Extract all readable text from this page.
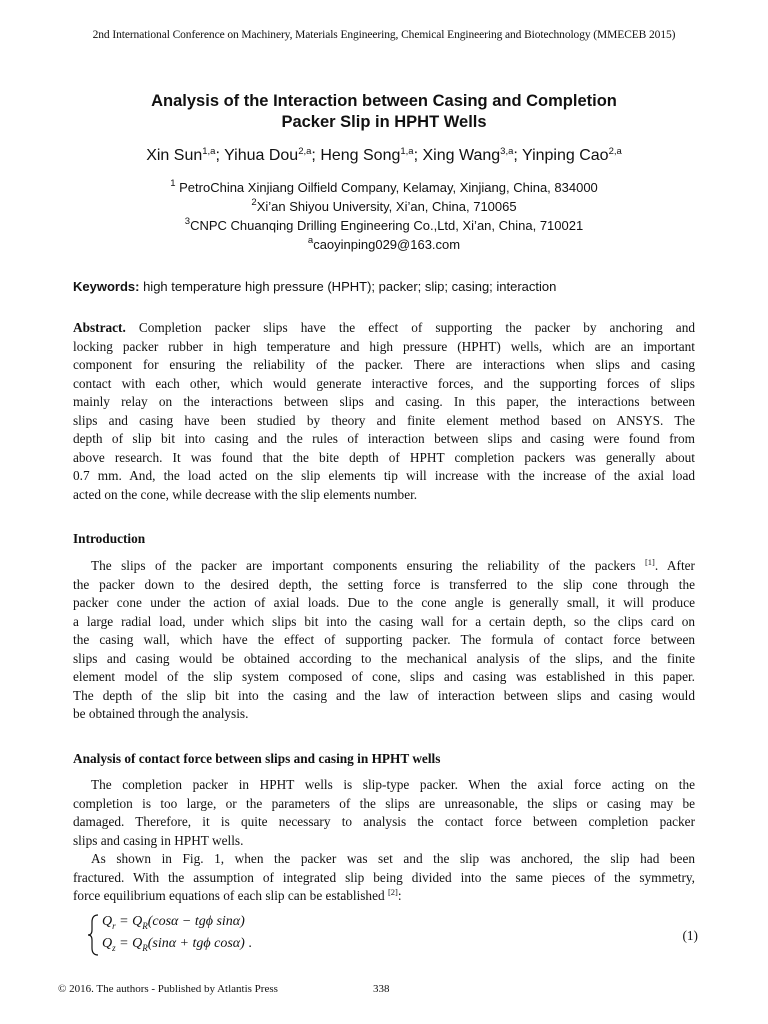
2nd International Conference on Machinery, Materials Engineering, Chemical Engineering and Biotechnology (MMECEB 2015)
Analysis of the Interaction between Casing and Completion
Packer Slip in HPHT Wells
Xin Sun$^{1,a}$; Yihua Dou$^{2,a}$; Heng Song$^{1,a}$; Xing Wang$^{3,a}$; Yinping Cao$^{2,a}$
$^1$ PetroChina Xinjiang Oilfield Company, Kelamay, Xinjiang, China, 834000
$^2$Xi’an Shiyou University, Xi’an, China, 710065
$^3$CNPC Chuanqing Drilling Engineering Co.,Ltd, Xi’an, China, 710021
$^a$caoyinping029@163.com
Keywords: high temperature high pressure (HPHT); packer; slip; casing; interaction
Abstract. Completion packer slips have the effect of supporting the packer by anchoring and
locking packer rubber in high temperature and high pressure (HPHT) wells, which are an important
component for ensuring the reliability of the packer. There are interactions when slips and casing
contact with each other, which would generate interactive forces, and the supporting forces of slips
mainly relay on the interactions between slips and casing. In this paper, the interactions between
slips and casing have been studied by theory and finite element method based on ANSYS. The
depth of slip bit into casing and the rules of interaction between slips and casing were found from
above research. It was found that the bite depth of HPHT completion packers was generally about
0.7 mm. And, the load acted on the slip elements tip will increase with the increase of the axial load
acted on the cone, while decrease with the slip elements number.
Introduction
The slips of the packer are important components ensuring the reliability of the packers [1]. After
the packer down to the desired depth, the setting force is transferred to the slip cone through the
packer cone under the action of axial loads. Due to the cone angle is generally small, it will produce
a large radial load, under which slips bit into the casing wall for a certain depth, so the clips card on
the casing wall, which have the effect of supporting packer. The formula of contact force between
slips and casing would be obtained according to the mechanical analysis of the slips, and the finite
element model of the slip system composed of cone, slips and casing was established in this paper.
The depth of the slip bit into the casing and the law of interaction between slips and casing would
be obtained through the analysis.
Analysis of contact force between slips and casing in HPHT wells
The completion packer in HPHT wells is slip-type packer. When the axial force acting on the
completion is too large, or the parameters of the slips are unreasonable, the slips or casing may be
damaged. Therefore, it is quite necessary to analysis the contact force between completion packer
slips and casing in HPHT wells.
As shown in Fig. 1, when the packer was set and the slip was anchored, the slip had been
fractured. With the assumption of integrated slip being divided into the same pieces of the symmetry,
force equilibrium equations of each slip can be established [2]:
$Q_r = Q_R(\cos\alpha - tg\phi$ sinα)
$Q_z = Q_R(\sin\alpha + tg\phi$ cosα) .
(1)
© 2016. The authors - Published by Atlantis Press	338
